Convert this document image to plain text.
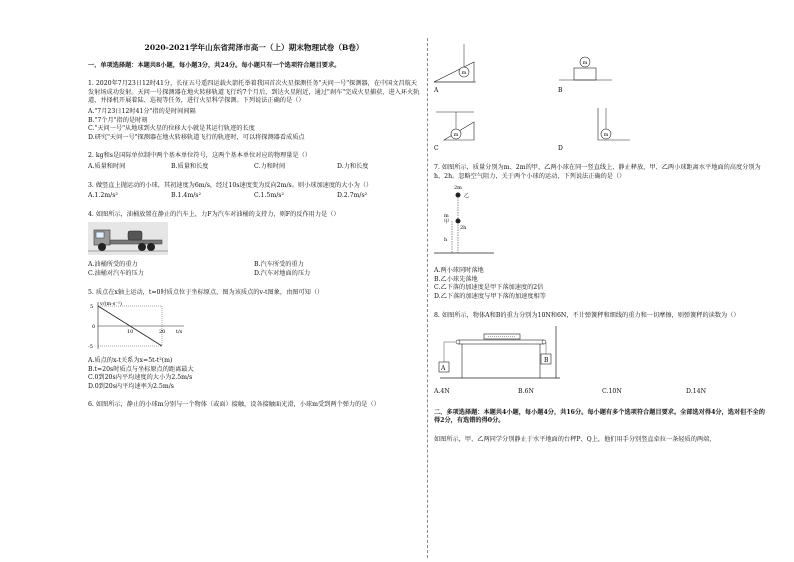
2020-2021学年山东省菏泽市高一（上）期末物理试卷（B卷）
一、单项选择题：本题共8小题，每小题3分，共24分。每小题只有一个选项符合题目要求。
1. 2020年7月23日12时41分，长征五号遥四运载火箭托举着我国首次火星探测任务"天问一号"探测器，在中国文昌航天发射场成功发射。天问一号探测器在地火转移轨道飞行约7个月后，到达火星附近，通过"刹车"完成火星捕获，进入环火轨道，并择机开展着陆、巡视等任务，进行火星科学探测。下列说法正确的是（）
A."7月23日12时41分"指的是时间间隔
B."7个月"指的是时刻
C."天问一号"从地球到火星的位移大小就是其运行轨迹的长度
D.研究"天问一号"探测器在地火转移轨道飞行的轨迹时，可以将探测器看成质点
2. kg和s是国际单位制中两个基本单位符号，这两个基本单位对应的物理量是（）
A.质量和时间	B.质量和长度	C.力和时间	D.力和长度
3. 做竖直上抛运动的小球，其初速度为6m/s，经过10s速度变为反向2m/s。则小球加速度的大小为（）
A.1.2m/s²	B.1.4m/s²	C.1.5m/s²	D.2.7m/s²
4. 如图所示，油桶放置在静止的汽车上，力F为汽车对油桶的支持力，则F的反作用力是（）
A.油桶所受的重力	B.汽车所受的重力
C.油桶对汽车的压力	D.汽车对地面的压力
5. 质点在x轴上运动，t=0时质点位于坐标原点，图为该质点的v-t图象，由图可知（）
v/(m·s⁻¹)
t/s
5
0
-5
10	20
A.质点的x-t关系为x=5t-t²(m)
B.t=20s时质点与坐标原点的距离最大
C.0到20s内平均速度的大小为2.5m/s
D.0到20s内平均速率为2.5m/s
6. 如图所示，静止的小球m分别与一个物体（或面）接触，设各接触面光滑，小球m受到两个弹力的是（）
m
A
m
B
m
C
m
D
7. 如图所示，质量分别为m、2m的甲、乙两小球在同一竖直线上，静止释放，甲、乙两小球距离水平地面的高度分别为h、2h。忽略空气阻力，关于两个小球的运动，下列说法正确的是（）
2m
乙
m
甲
2h
h
A.两小球同时落地
B.乙小球先落地
C.乙下落的加速度是甲下落加速度的2倍
D.乙下落的加速度与甲下落的加速度相等
8. 如图所示，物体A和B的重力分别为10N和6N，不计弹簧秤和细线的重力和一切摩擦，则弹簧秤的读数为（）
A
B
A.4N	B.6N	C.10N	D.14N
二、多项选择题：本题共4小题，每小题4分，共16分。每小题有多个选项符合题目要求。全部选对得4分，选对但不全的得2分，有选错的得0分。
如图所示，甲、乙两同学分别静止于水平地面的台秤P、Q上，他们用手分别竖直牵拉一条轻质的两端，
